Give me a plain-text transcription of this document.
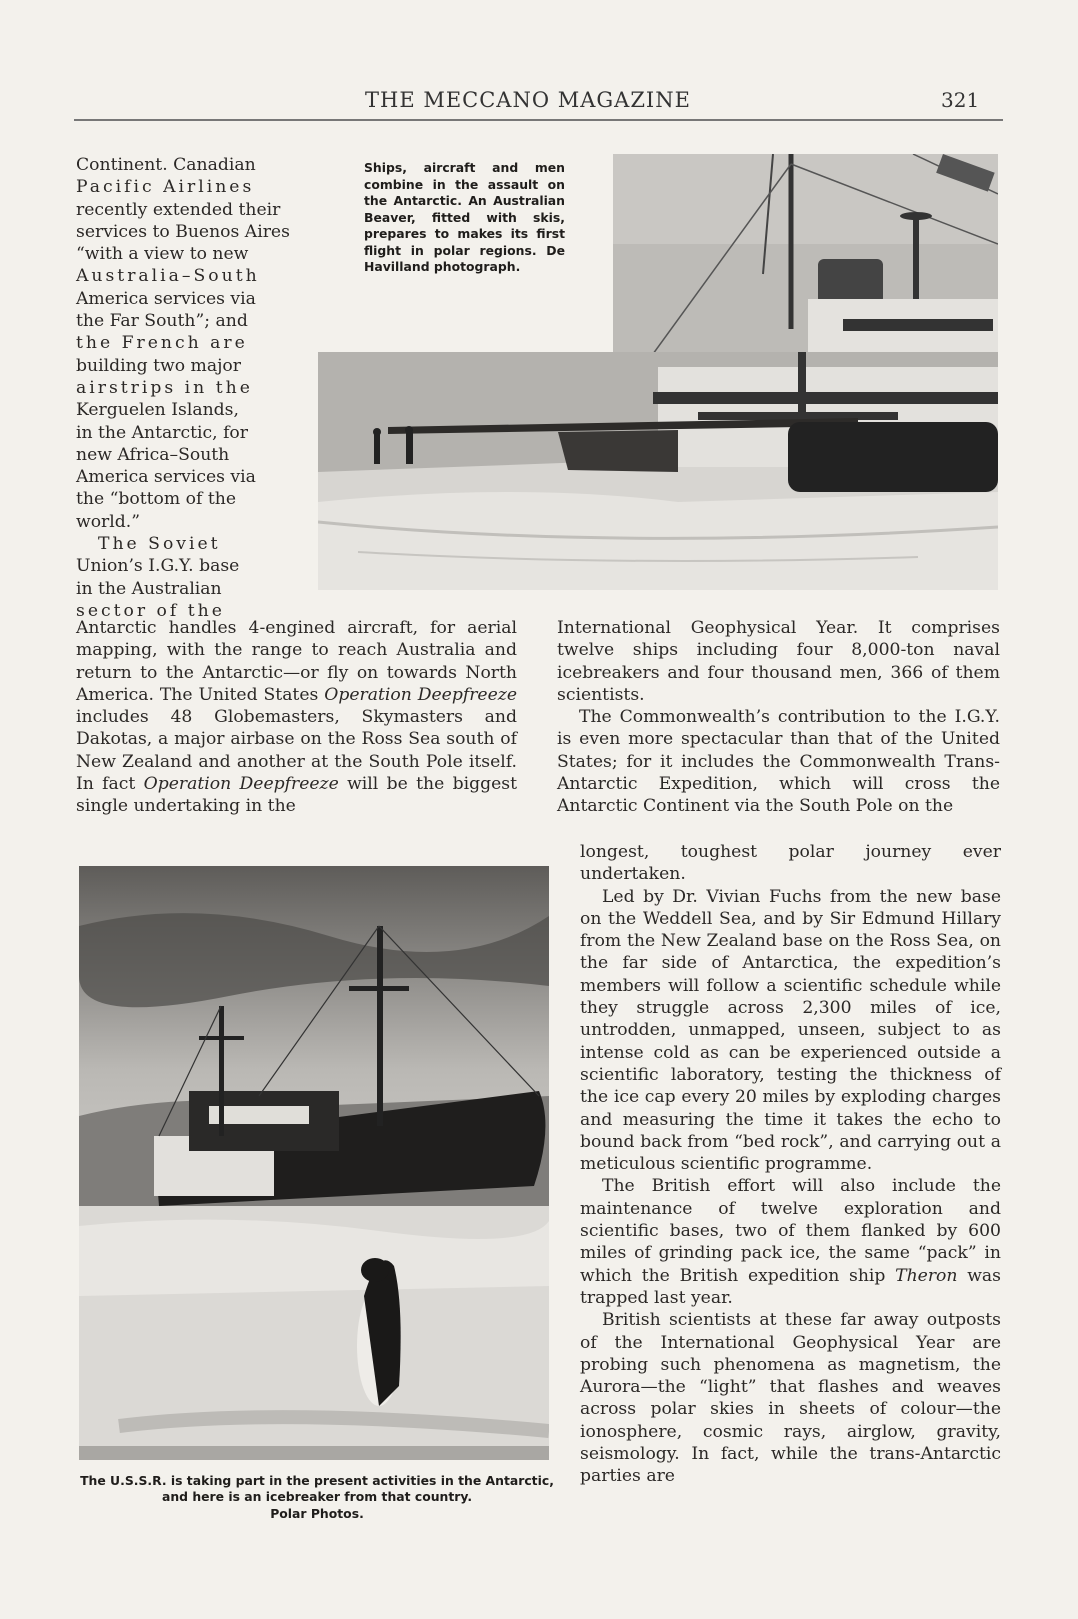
THE MECCANO MAGAZINE	321
Ships, aircraft and men combine in the assault on the Antarctic. An Australian Beaver, fitted with skis, prepares to makes its first flight in polar regions. De Havilland photograph.

Continent. Canadian

Pacific Airlines

recently extended their

services to Buenos Aires

“with a view to new

Australia–South

America services via

the Far South”; and

the French are

building two major

airstrips in the

Kerguelen Islands,

in the Antarctic, for

new Africa–South

America services via

the “bottom of the

world.”

The Soviet

Union’s I.G.Y. base

in the Australian

sector of the

Antarctic handles 4-engined aircraft, for aerial mapping, with the range to reach Australia and return to the Antarctic—or fly on towards North America. The United States Operation Deepfreeze includes 48 Globemasters, Skymasters and Dakotas, a major airbase on the Ross Sea south of New Zealand and another at the South Pole itself. In fact Operation Deepfreeze will be the biggest single undertaking in the

International Geophysical Year. It comprises twelve ships including four 8,000-ton naval icebreakers and four thousand men, 366 of them scientists.

The Commonwealth’s contribution to the I.G.Y. is even more spectacular than that of the United States; for it includes the Commonwealth Trans-Antarctic Expedition, which will cross the Antarctic Continent via the South Pole on the

longest, toughest polar journey ever undertaken.

Led by Dr. Vivian Fuchs from the new base on the Weddell Sea, and by Sir Edmund Hillary from the New Zealand base on the Ross Sea, on the far side of Antarctica, the expedition’s members will follow a scientific schedule while they struggle across 2,300 miles of ice, untrodden, unmapped, unseen, subject to as intense cold as can be experienced outside a scientific laboratory, testing the thickness of the ice cap every 20 miles by exploding charges and measuring the time it takes the echo to bound back from “bed rock”, and carrying out a meticulous scientific programme.

The British effort will also include the maintenance of twelve exploration and scientific bases, two of them flanked by 600 miles of grinding pack ice, the same “pack” in which the British expedition ship Theron was trapped last year.

British scientists at these far away outposts of the International Geophysical Year are probing such phenomena as magnetism, the Aurora—the “light” that flashes and weaves across polar skies in sheets of colour—the ionosphere, cosmic rays, airglow, gravity, seismology. In fact, while the trans-Antarctic parties are

The U.S.S.R. is taking part in the present activities in the Antarctic, and here is an icebreaker from that country.
Polar Photos.
